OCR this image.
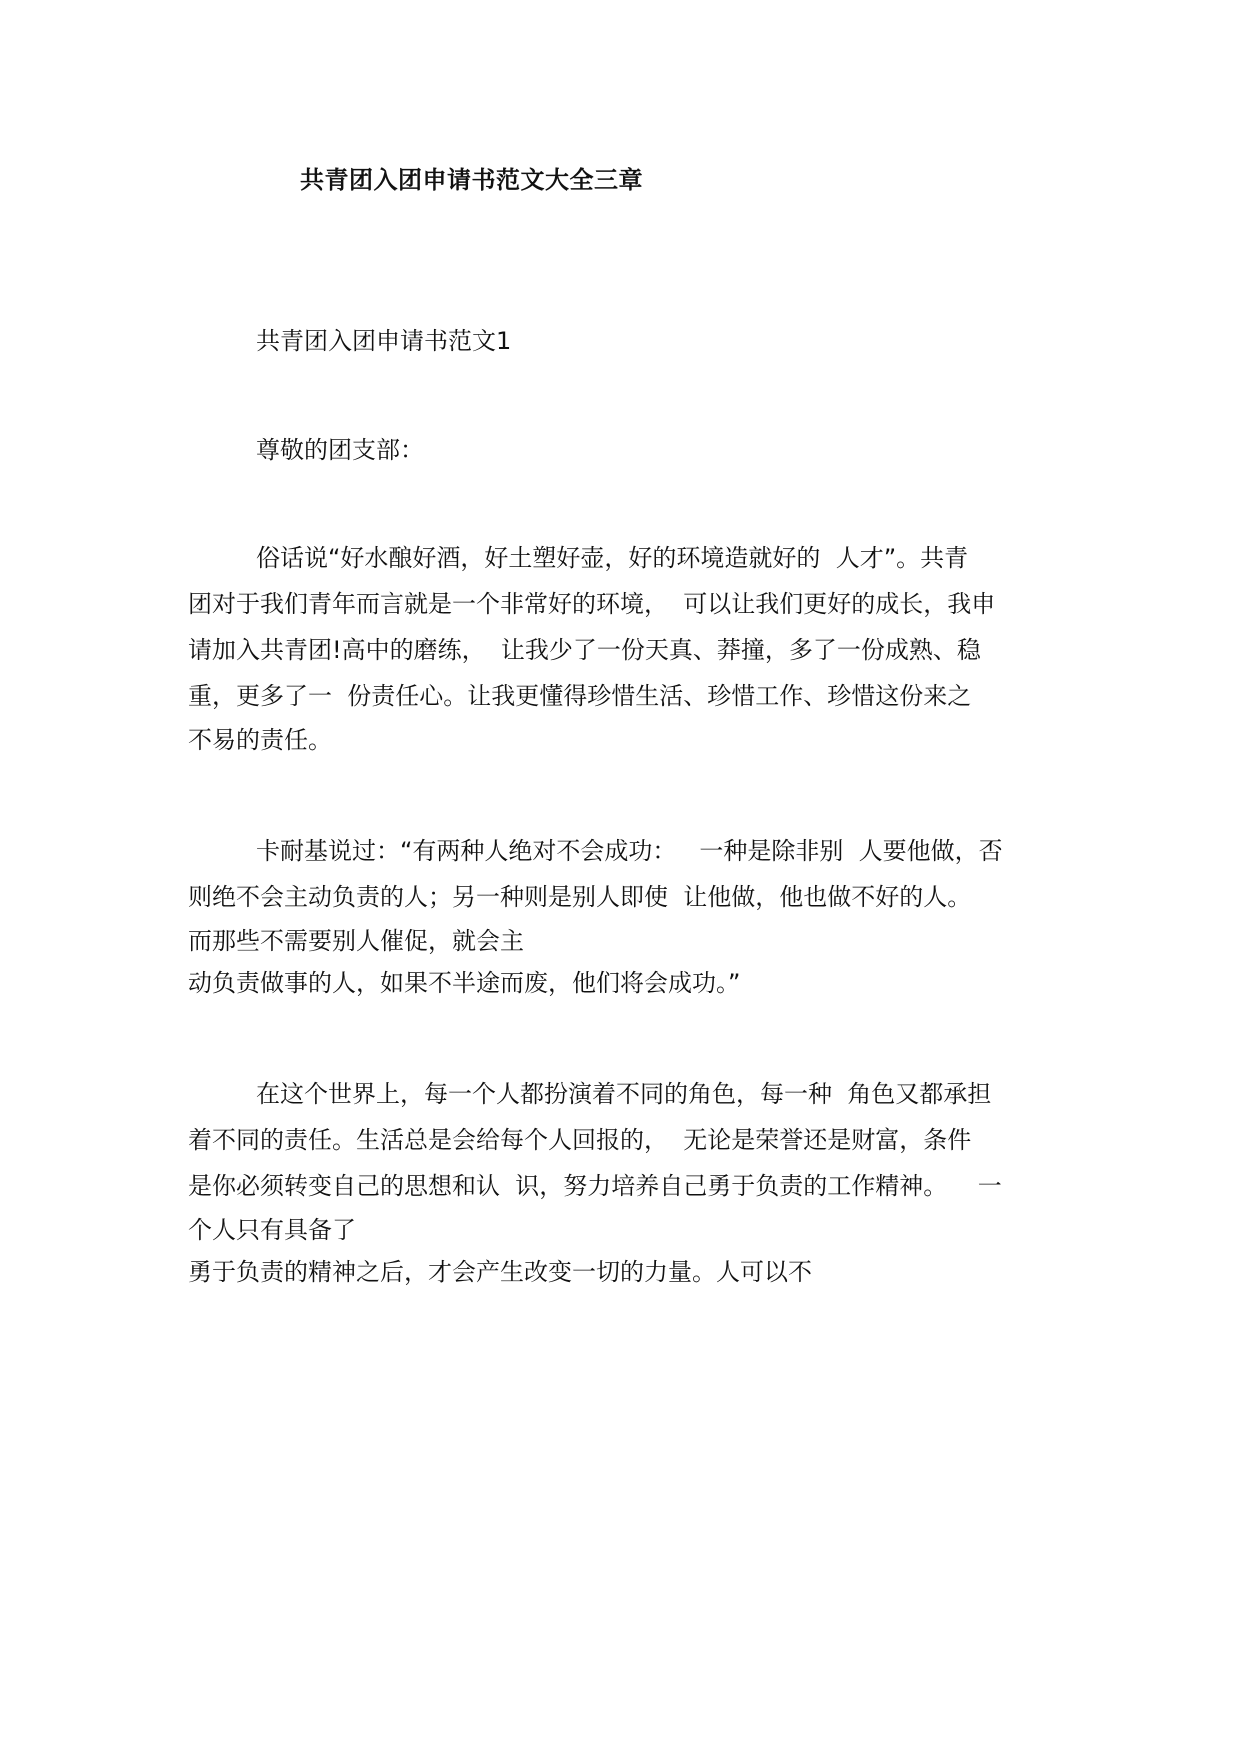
共青团入团申请书范文大全三章
共青团入团申请书范文1
尊敬的团支部：
俗话说“好水酿好酒，好土塑好壶，好的环境造就好的  人才”。共青
团对于我们青年而言就是一个非常好的环境，  可以让我们更好的成长，我申
请加入共青团!高中的磨练，  让我少了一份天真、莽撞，多了一份成熟、稳
重，更多了一  份责任心。让我更懂得珍惜生活、珍惜工作、珍惜这份来之
不易的责任。
卡耐基说过：“有两种人绝对不会成功：   一种是除非别  人要他做，否
则绝不会主动负责的人；另一种则是别人即使  让他做，他也做不好的人。
而那些不需要别人催促，就会主
动负责做事的人，如果不半途而废，他们将会成功。”
在这个世界上，每一个人都扮演着不同的角色，每一种  角色又都承担
着不同的责任。生活总是会给每个人回报的，  无论是荣誉还是财富，条件
是你必须转变自己的思想和认  识，努力培养自己勇于负责的工作精神。    一
个人只有具备了
勇于负责的精神之后，才会产生改变一切的力量。人可以不
